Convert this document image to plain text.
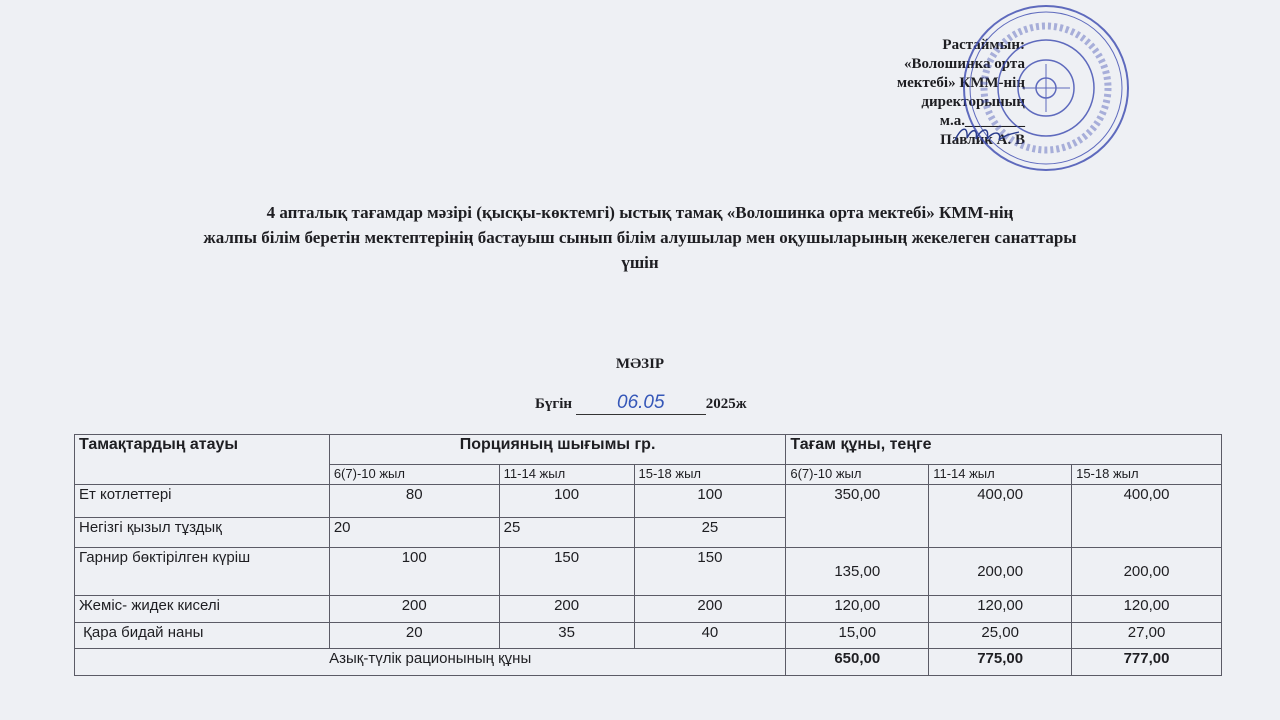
Растаймын:
«Волошинка орта
мектебі» КММ-нің
директорының
м.а.________
Павлик А. В
4 апталық тағамдар мәзірі (қысқы-көктемгі) ыстық тамақ «Волошинка орта мектебі» КММ-нің
жалпы білім беретін мектептерінің бастауыш сынып білім алушылар мен оқушыларының жекелеген санаттары
үшін
МӘЗІР
Бүгін 06.05	2025ж
Тамақтардың атауы	Порцияның шығымы гр.			Тағам құны, теңге		
	6(7)-10 жыл	11-14 жыл	15-18 жыл	6(7)-10 жыл	11-14 жыл	15-18 жыл
Ет котлеттері	80	100	100	350,00	400,00	400,00
Негізгі қызыл тұздық	20	25	25			
Гарнир бөктірілген күріш	100	150	150	135,00	200,00	200,00
Жеміс- жидек киселі	200	200	200	120,00	120,00	120,00
Қара бидай наны	20	35	40	15,00	25,00	27,00
Азық-түлік рационының құны				650,00	775,00	777,00
